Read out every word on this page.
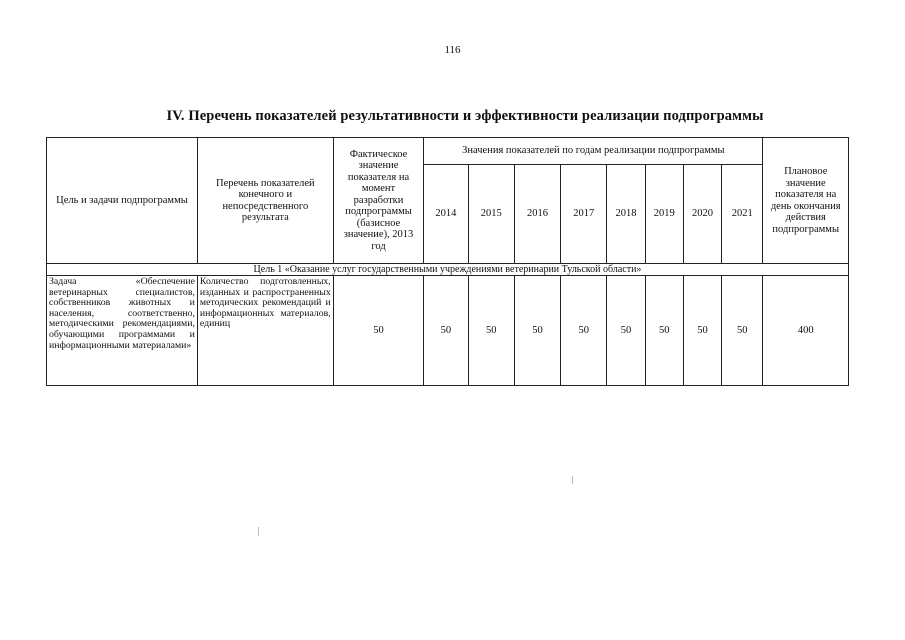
116
IV. Перечень показателей результативности и эффективности реализации подпрограммы
Цель и задачи подпрограммы	Перечень показателей конечного и непосредственного результата	Фактическое значение показателя на момент разработки подпрограммы (базисное значение), 2013 год	Значения показателей по годам реализации подпрограммы								Плановое значение показателя на день окончания действия подпрограммы
			2014	2015	2016	2017	2018	2019	2020	2021	
Цель 1 «Оказание услуг государственными учреждениями ветеринарии Тульской области»											
Задача «Обеспечение ветеринарных специалистов, собственников животных и населения, соответственно, методическими рекомендациями, обучающими программами и информационными материалами»	Количество подготовленных, изданных и распространенных методических рекомендаций и информационных материалов, единиц	50	50	50	50	50	50	50	50	50	400
